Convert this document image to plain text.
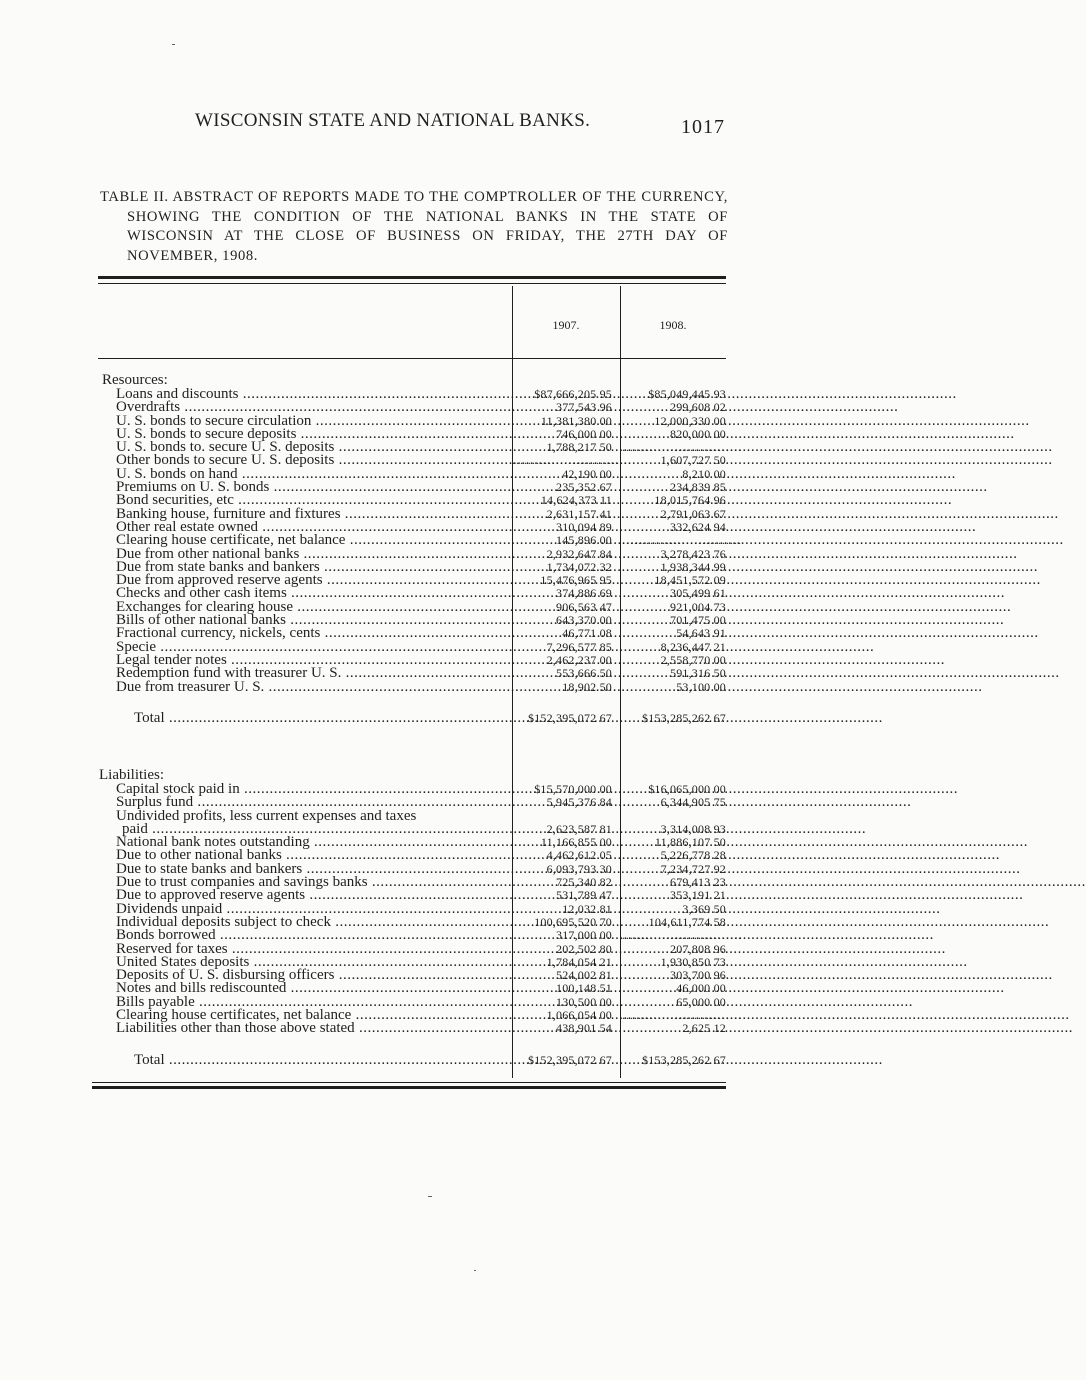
WISCONSIN STATE AND NATIONAL BANKS.	1017

TABLE II. ABSTRACT OF REPORTS MADE TO THE COMPTROLLER OF THE CURRENCY, SHOWING THE CONDITION OF THE NATIONAL BANKS IN THE STATE OF WISCONSIN AT THE CLOSE OF BUSINESS ON FRIDAY, THE 27TH DAY OF NOVEMBER, 1908.

1907.	1908.
Resources:
Loans and discounts .....	$87,666,205 95	$85,049,445 93
Overdrafts .....	377,543 96	299,608 02
U. S. bonds to secure circulation .....	11,381,380 00	12,000,330 00
U. S. bonds to secure deposits .....	746,000 00	820,000 00
U. S. bonds to. secure U. S. deposits .....	1,788,217 50 ..............................
Other bonds to secure U. S. deposits .....	..............................	1,607,727 50
U. S. bonds on hand .....	42,190 00	8,210 00
Premiums on U. S. bonds .....	235,352 67	234,839 85
Bond securities, etc .....	14,624,373 11	18,015,764 96
Banking house, furniture and fixtures .....	2,631,157 41	2,791,063 67
Other real estate owned .....	310,094 89	332,624 94
Clearing house certificate, net balance .....	145,896 00 ..............................
Due from other national banks .....	2,932,647 84	3,278,423 76
Due from state banks and bankers .....	1,734,072 32	1,938,344 99
Due from approved reserve agents .....	15,476,965 95	18,451,572 09
Checks and other cash items .....	374,886 69	305,499 61
Exchanges for clearing house .....	906,563 47	921,004 73
Bills of other national banks .....	643,370 00	701,475 00
Fractional currency, nickels, cents .....	46,771 08	54,643 91
Specie .....	7,296,577 85	8,236,447 21
Legal tender notes .....	2,462,237 00	2,558,770 00
Redemption fund with treasurer U. S. .....	553,666 50	591,316 50
Due from treasurer U. S. .....	18,902 50	53,100 00
Total .....	$152,395,072 67	$153,285,262 67
Liabilities:
Capital stock paid in .....	$15,570,000 00	$16,065,000 00
Surplus fund .....	5,945,376 84	6,344,905 75
Undivided profits, less current expenses and taxes
paid .....	2,623,587 81	3,314,008 93
National bank notes outstanding .....	11,166,855 00	11,886,107 50
Due to other national banks .....	4,462,612 05	5,226,778 28
Due to state banks and bankers .....	6,093,793 30	7,234,727 92
Due to trust companies and savings banks .....	725,340 82	679,413 23
Due to approved reserve agents .....	531,789 47	353,191 21
Dividends unpaid .....	12,032 81	3,369 50
Individual deposits subject to check .....	100,695,520 70	104,611,774 58
Bonds borrowed .....	317,000 00 ..............................
Reserved for taxes .....	202,502 80	207,808 96
United States deposits .....	1,784,054 21	1,930,850 73
Deposits of U. S. disbursing officers .....	524,002 81	303,700 96
Notes and bills rediscounted .....	100,148 51	46,000 00
Bills payable .....	130,500 00	65,000 00
Clearing house certificates, net balance .....	1,066,054 00 ..............................
Liabilities other than those above stated .....	438,901 54	2,625 12
Total .....	$152,395,072 67	$153,285,262 67
